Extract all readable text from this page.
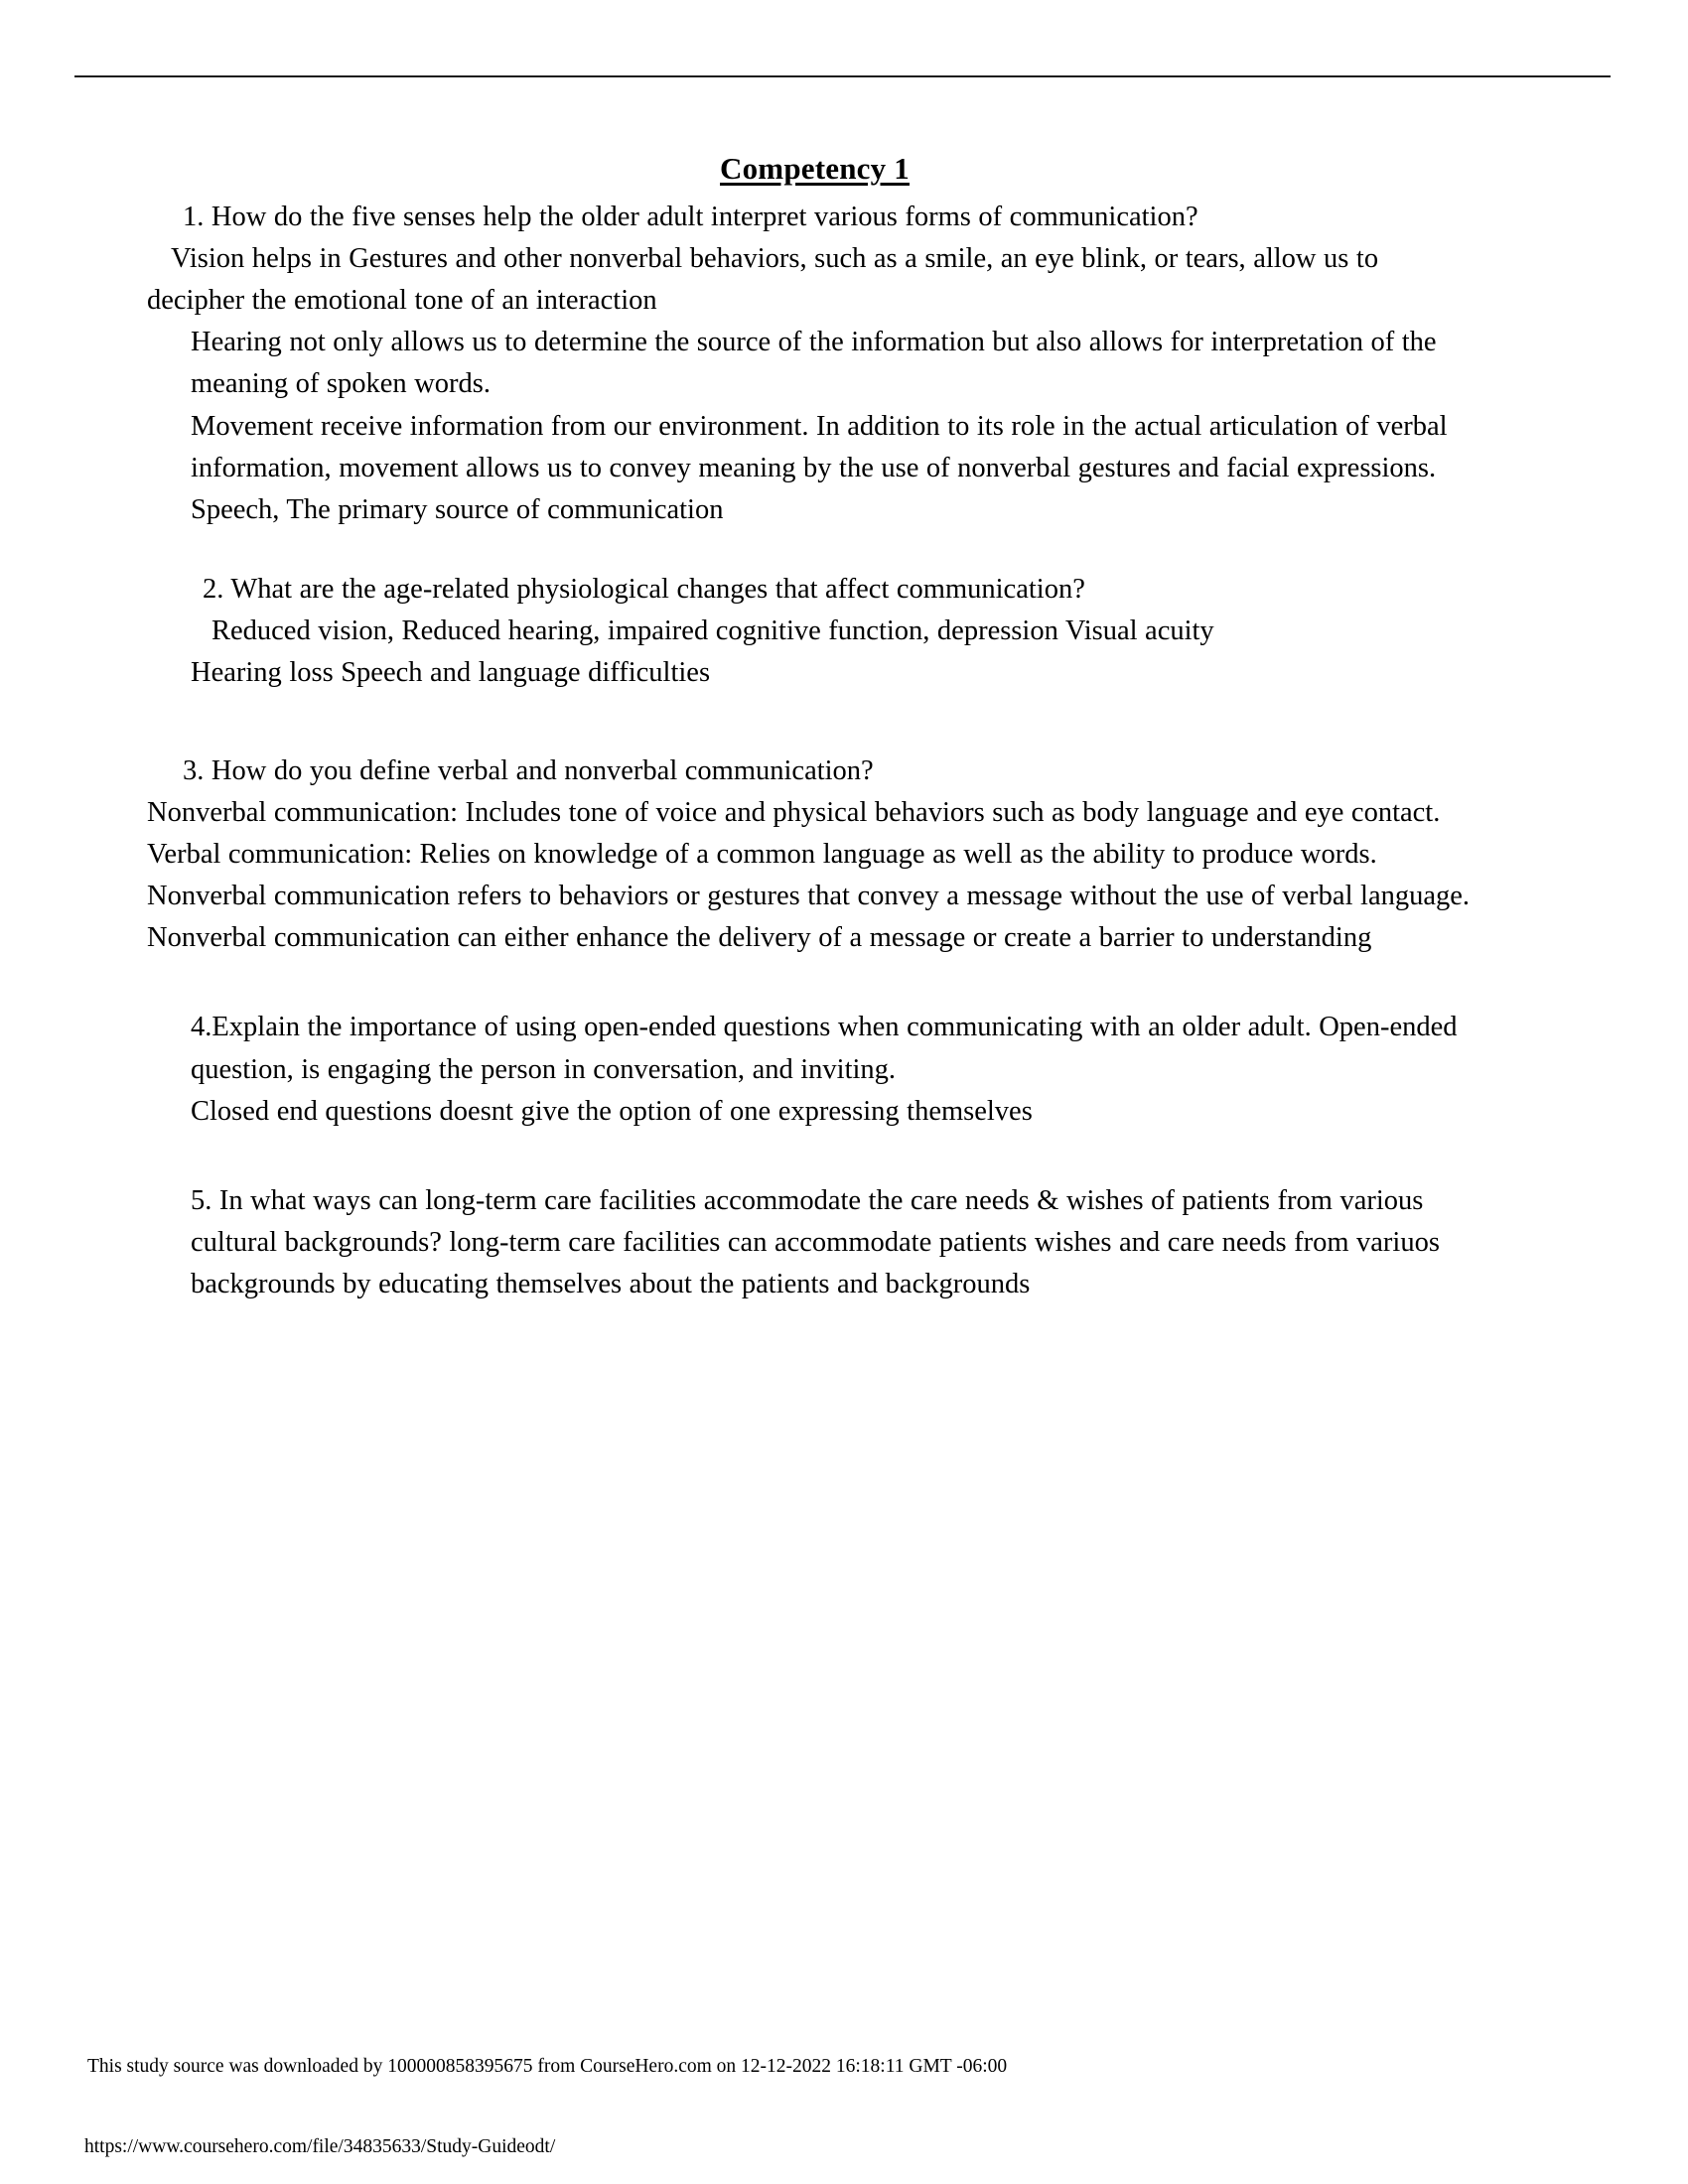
Competency 1

1. How do the five senses help the older adult interpret various forms of communication?

Vision helps in Gestures and other nonverbal behaviors, such as a smile, an eye blink, or tears, allow us to decipher the emotional tone of an interaction

Hearing not only allows us to determine the source of the information but also allows for interpretation of the meaning of spoken words.

Movement receive information from our environment. In addition to its role in the actual articulation of verbal information, movement allows us to convey meaning by the use of nonverbal gestures and facial expressions.

Speech, The primary source of communication

2. What are the age-related physiological changes that affect communication?

Reduced vision, Reduced hearing, impaired cognitive function, depression Visual acuity

Hearing loss Speech and language difficulties

3. How do you define verbal and nonverbal communication?

Nonverbal communication: Includes tone of voice and physical behaviors such as body language and eye contact.

Verbal communication: Relies on knowledge of a common language as well as the ability to produce words.

Nonverbal communication refers to behaviors or gestures that convey a message without the use of verbal language.

Nonverbal communication can either enhance the delivery of a message or create a barrier to understanding

4.Explain the importance of using open-ended questions when communicating with an older adult. Open-ended question, is engaging the person in conversation, and inviting.

Closed end questions doesnt give the option of one expressing themselves

5. In what ways can long-term care facilities accommodate the care needs & wishes of patients from various cultural backgrounds? long-term care facilities can accommodate patients wishes and care needs from variuos backgrounds by educating themselves about the patients and backgrounds

This study source was downloaded by 100000858395675 from CourseHero.com on 12-12-2022 16:18:11 GMT -06:00
https://www.coursehero.com/file/34835633/Study-Guideodt/
